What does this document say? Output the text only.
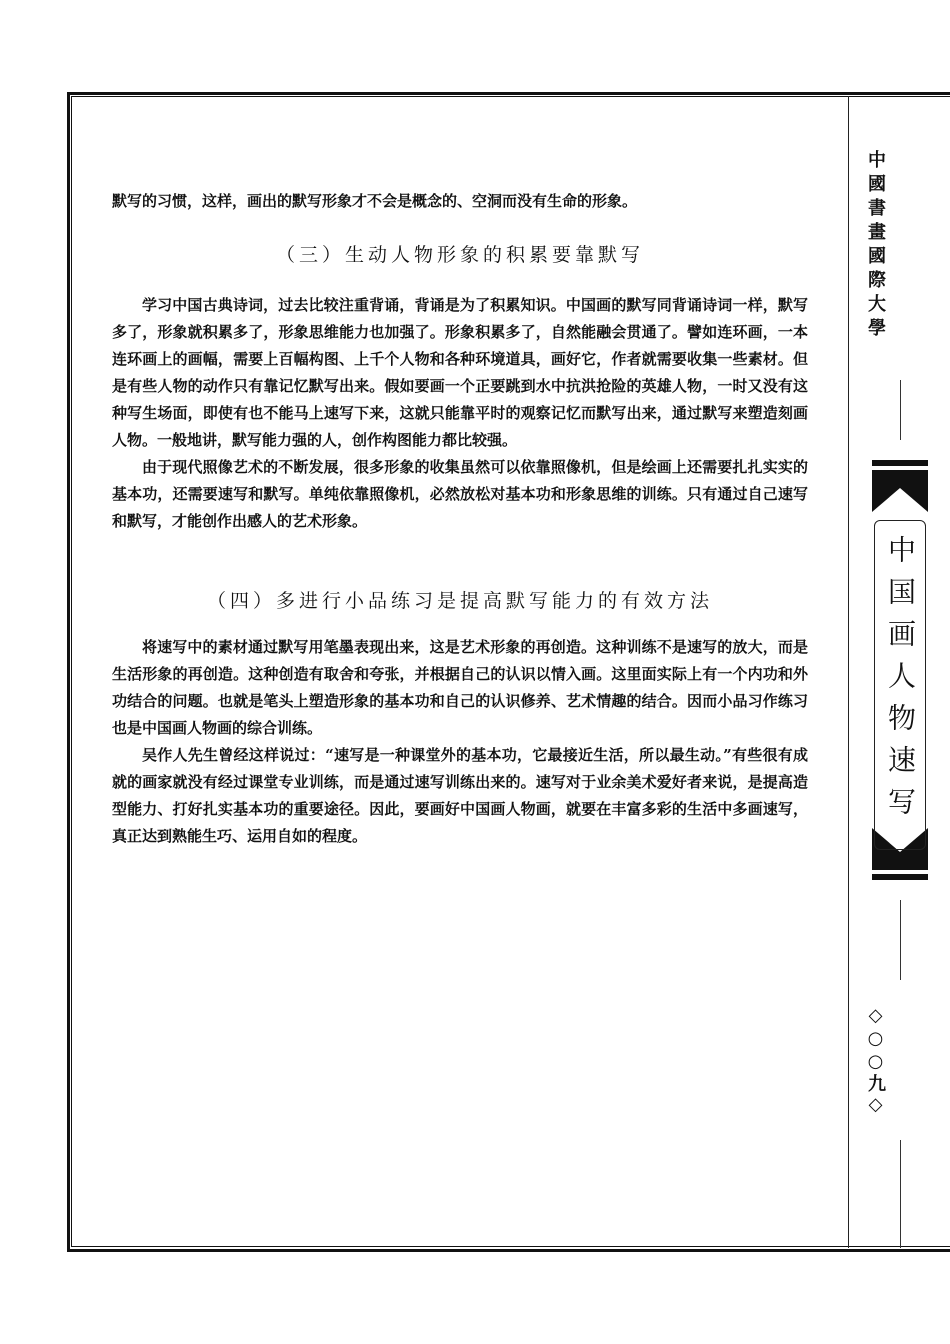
默写的习惯，这样，画出的默写形象才不会是概念的、空洞而没有生命的形象。

（三）生动人物形象的积累要靠默写

学习中国古典诗词，过去比较注重背诵，背诵是为了积累知识。中国画的默写同背诵诗词一样，默写多了，形象就积累多了，形象思维能力也加强了。形象积累多了，自然能融会贯通了。譬如连环画，一本连环画上的画幅，需要上百幅构图、上千个人物和各种环境道具，画好它，作者就需要收集一些素材。但是有些人物的动作只有靠记忆默写出来。假如要画一个正要跳到水中抗洪抢险的英雄人物，一时又没有这种写生场面，即使有也不能马上速写下来，这就只能靠平时的观察记忆而默写出来，通过默写来塑造刻画人物。一般地讲，默写能力强的人，创作构图能力都比较强。

由于现代照像艺术的不断发展，很多形象的收集虽然可以依靠照像机，但是绘画上还需要扎扎实实的基本功，还需要速写和默写。单纯依靠照像机，必然放松对基本功和形象思维的训练。只有通过自己速写和默写，才能创作出感人的艺术形象。

（四）多进行小品练习是提高默写能力的有效方法

将速写中的素材通过默写用笔墨表现出来，这是艺术形象的再创造。这种训练不是速写的放大，而是生活形象的再创造。这种创造有取舍和夸张，并根据自己的认识以情入画。这里面实际上有一个内功和外功结合的问题。也就是笔头上塑造形象的基本功和自己的认识修养、艺术情趣的结合。因而小品习作练习也是中国画人物画的综合训练。

吴作人先生曾经这样说过：“速写是一种课堂外的基本功，它最接近生活，所以最生动。”有些很有成就的画家就没有经过课堂专业训练，而是通过速写训练出来的。速写对于业余美术爱好者来说，是提高造型能力、打好扎实基本功的重要途径。因此，要画好中国画人物画，就要在丰富多彩的生活中多画速写，真正达到熟能生巧、运用自如的程度。

中國書畫國際大學
中国画人物速写
◇○○九◇
